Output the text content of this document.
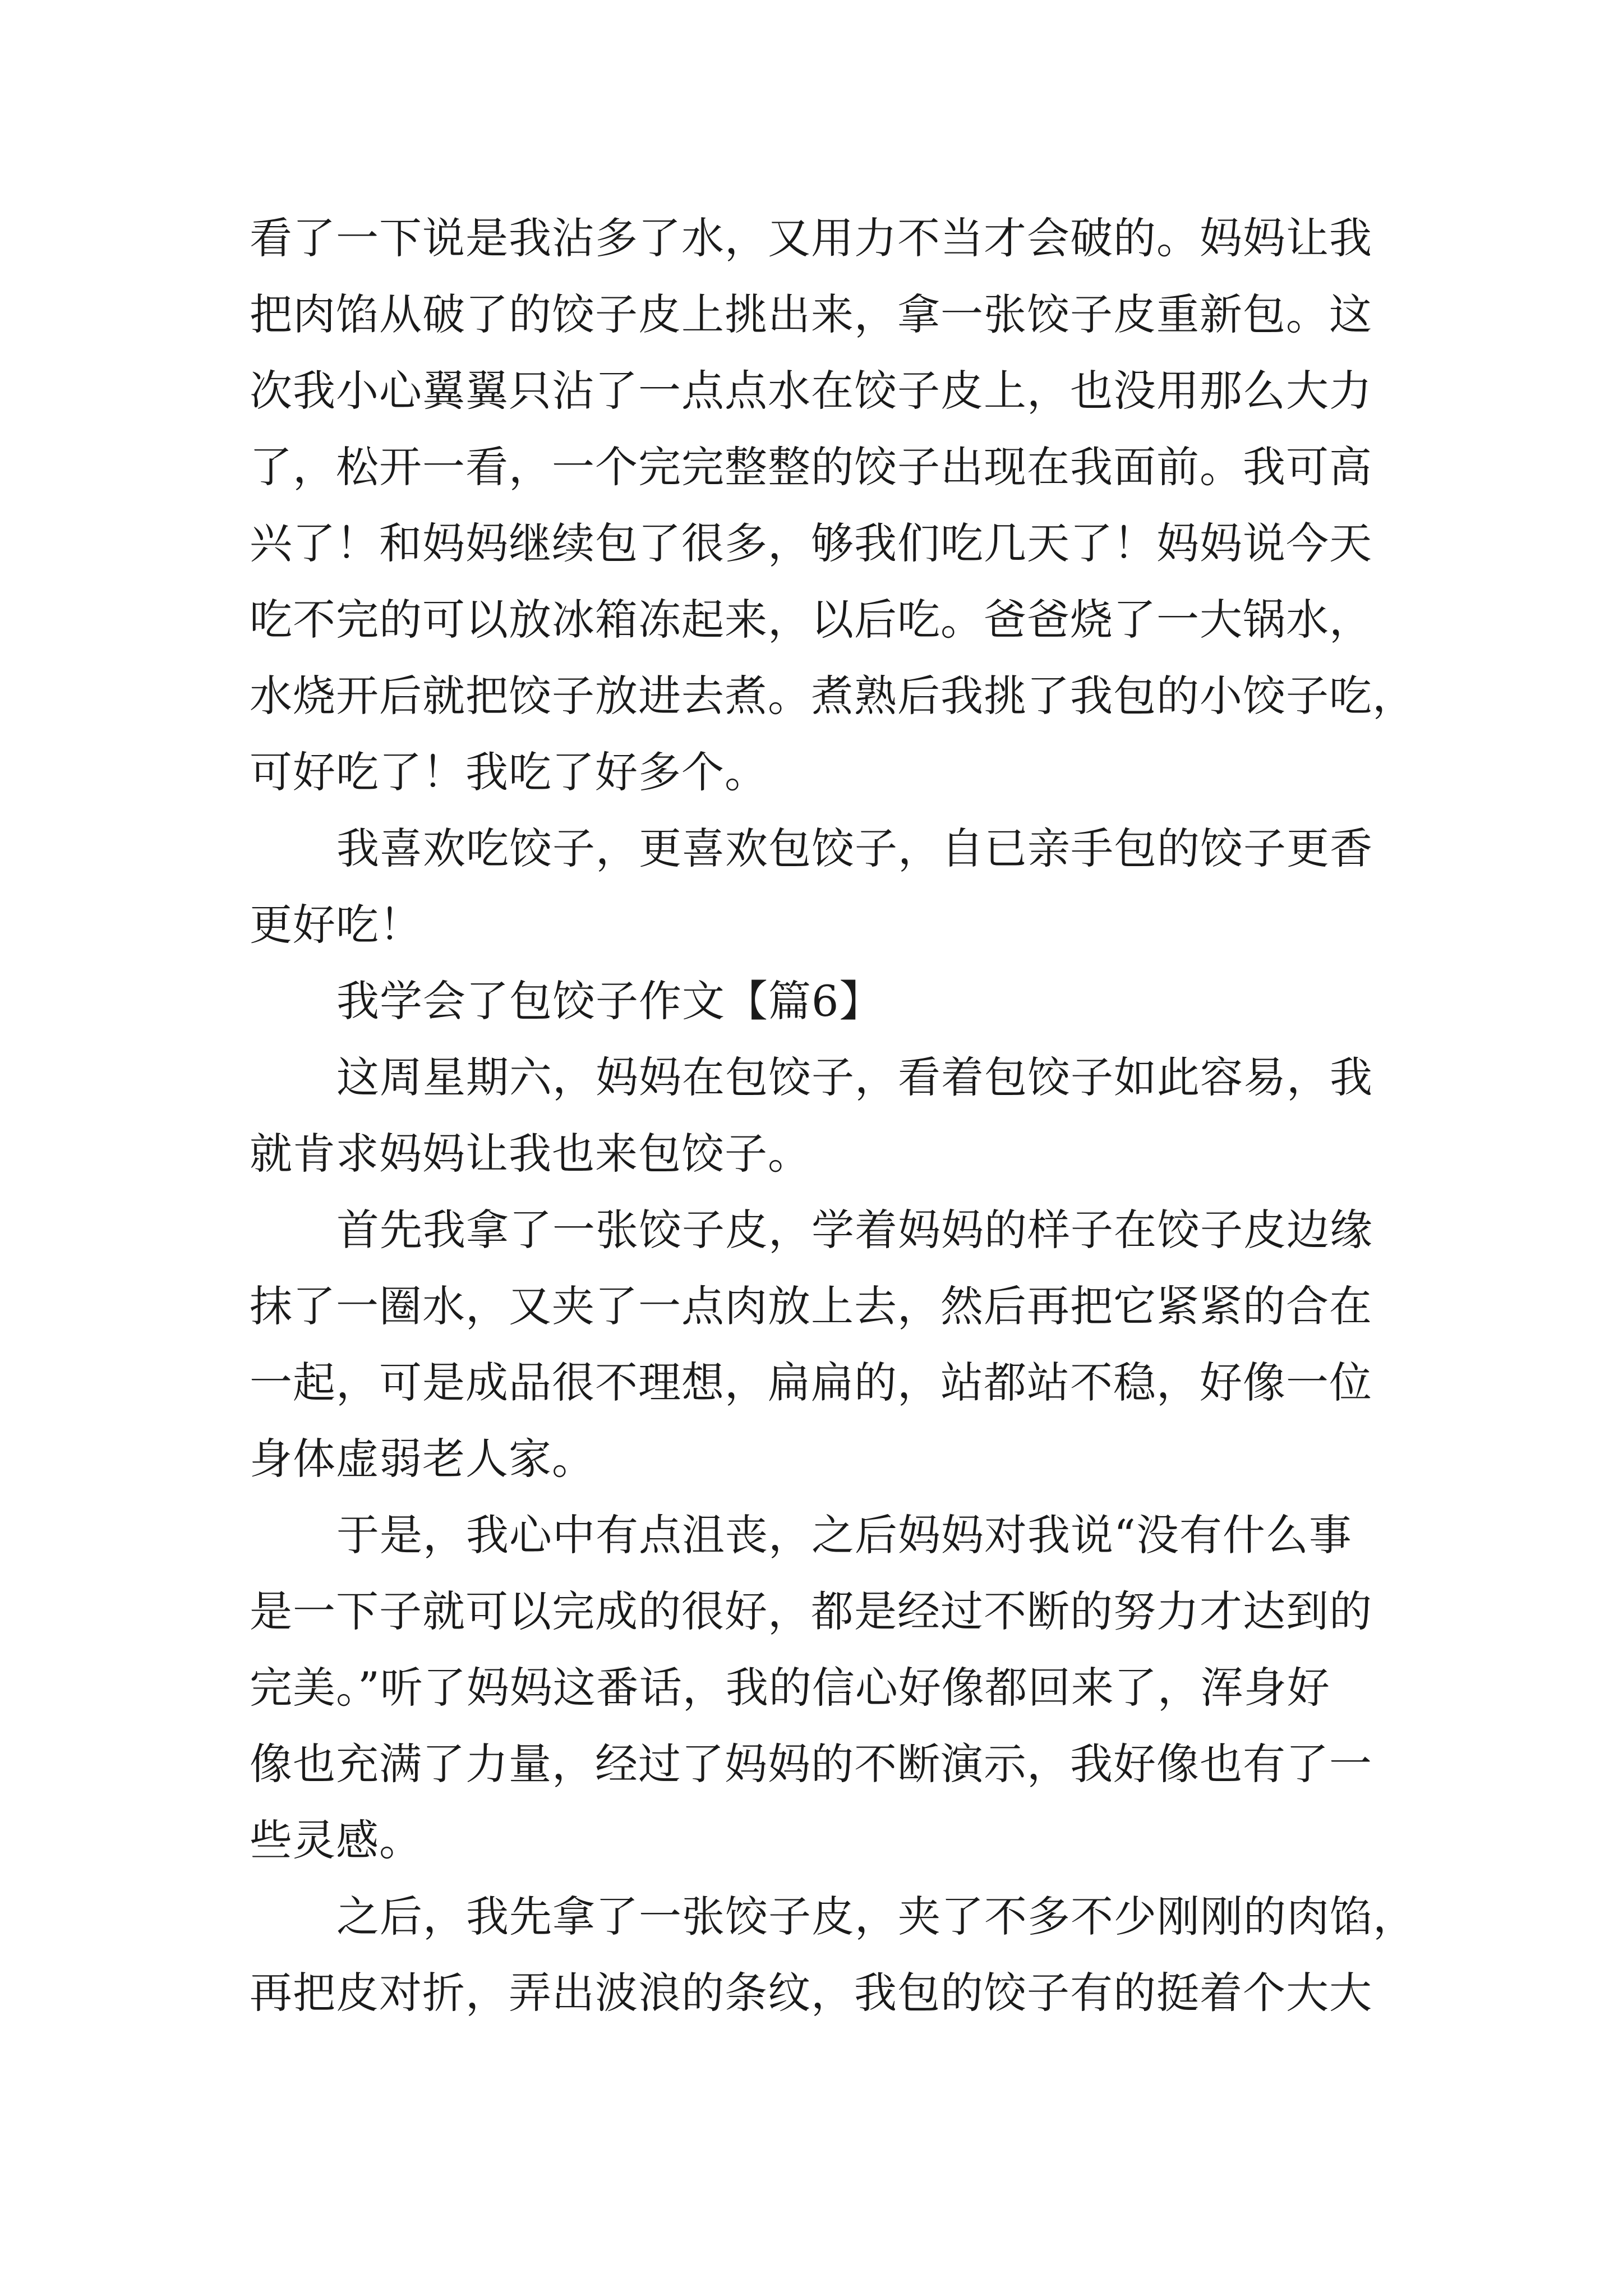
看了一下说是我沾多了水，又用力不当才会破的。妈妈让我
把肉馅从破了的饺子皮上挑出来，拿一张饺子皮重新包。这
次我小心翼翼只沾了一点点水在饺子皮上，也没用那么大力
了，松开一看，一个完完整整的饺子出现在我面前。我可高
兴了！和妈妈继续包了很多，够我们吃几天了！妈妈说今天
吃不完的可以放冰箱冻起来，以后吃。爸爸烧了一大锅水，
水烧开后就把饺子放进去煮。煮熟后我挑了我包的小饺子吃，
可好吃了！我吃了好多个。
我喜欢吃饺子，更喜欢包饺子，自已亲手包的饺子更香
更好吃！
我学会了包饺子作文【篇6】
这周星期六，妈妈在包饺子，看着包饺子如此容易，我
就肯求妈妈让我也来包饺子。
首先我拿了一张饺子皮，学着妈妈的样子在饺子皮边缘
抹了一圈水，又夹了一点肉放上去，然后再把它紧紧的合在
一起，可是成品很不理想，扁扁的，站都站不稳，好像一位
身体虚弱老人家。
于是，我心中有点沮丧，之后妈妈对我说“没有什么事
是一下子就可以完成的很好，都是经过不断的努力才达到的
完美。”听了妈妈这番话，我的信心好像都回来了，浑身好
像也充满了力量，经过了妈妈的不断演示，我好像也有了一
些灵感。
之后，我先拿了一张饺子皮，夹了不多不少刚刚的肉馅，
再把皮对折，弄出波浪的条纹，我包的饺子有的挺着个大大
